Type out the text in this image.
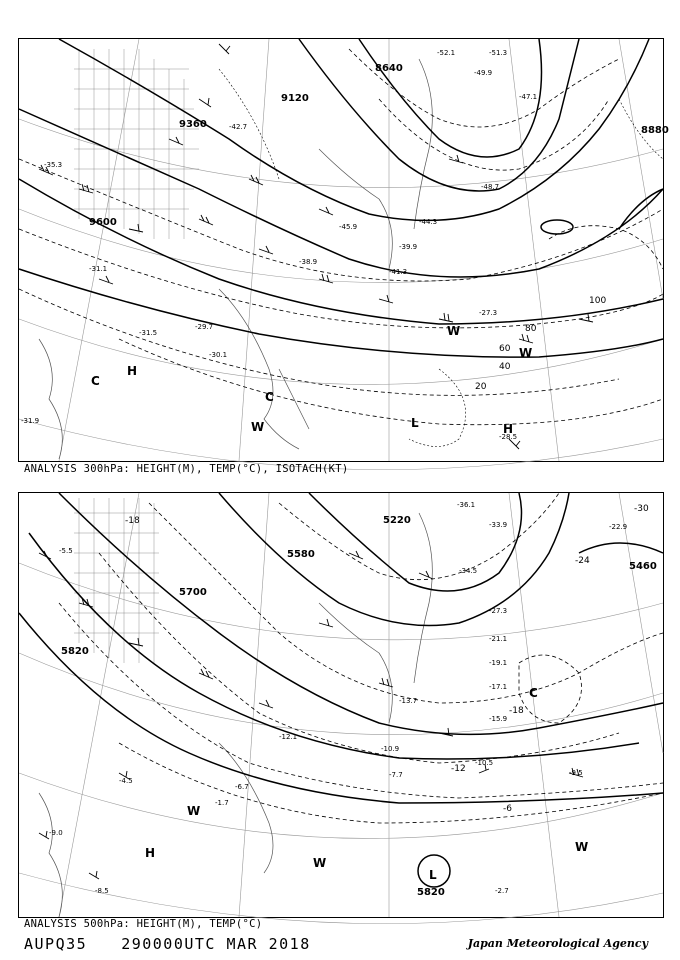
8640
8880
9120
9360
9600
100
80
60
40
20
-52.1	-51.3
-49.9
-48.7
-47.1
-45.9
-44.3
-42.7
-41.3
-39.9
-38.9
-35.3
-31.1
-31.5
-29.7
-28.5
-27.3
-30.1
-31.9
H
H
L
W
W
W
C
C
ANALYSIS 300hPa: HEIGHT(M), TEMP(°C), ISOTACH(KT)
5220
5460
5580
5700
5820
5820
-30
-24
-18
-12
-6
-18
-36.1
-34.5
-33.9
-27.3
-22.9
-21.1
-19.1
-17.1
-15.9
-13.7
-12.1
-10.9
-10.5
-9.5
-7.7
-6.7
-4.5
-2.7
-1.7
-9.0
-8.5
-5.5
H
L
C
W
W
W
ANALYSIS 500hPa: HEIGHT(M), TEMP(°C)
AUPQ35 290000UTC MAR 2018	Japan Meteorological Agency
